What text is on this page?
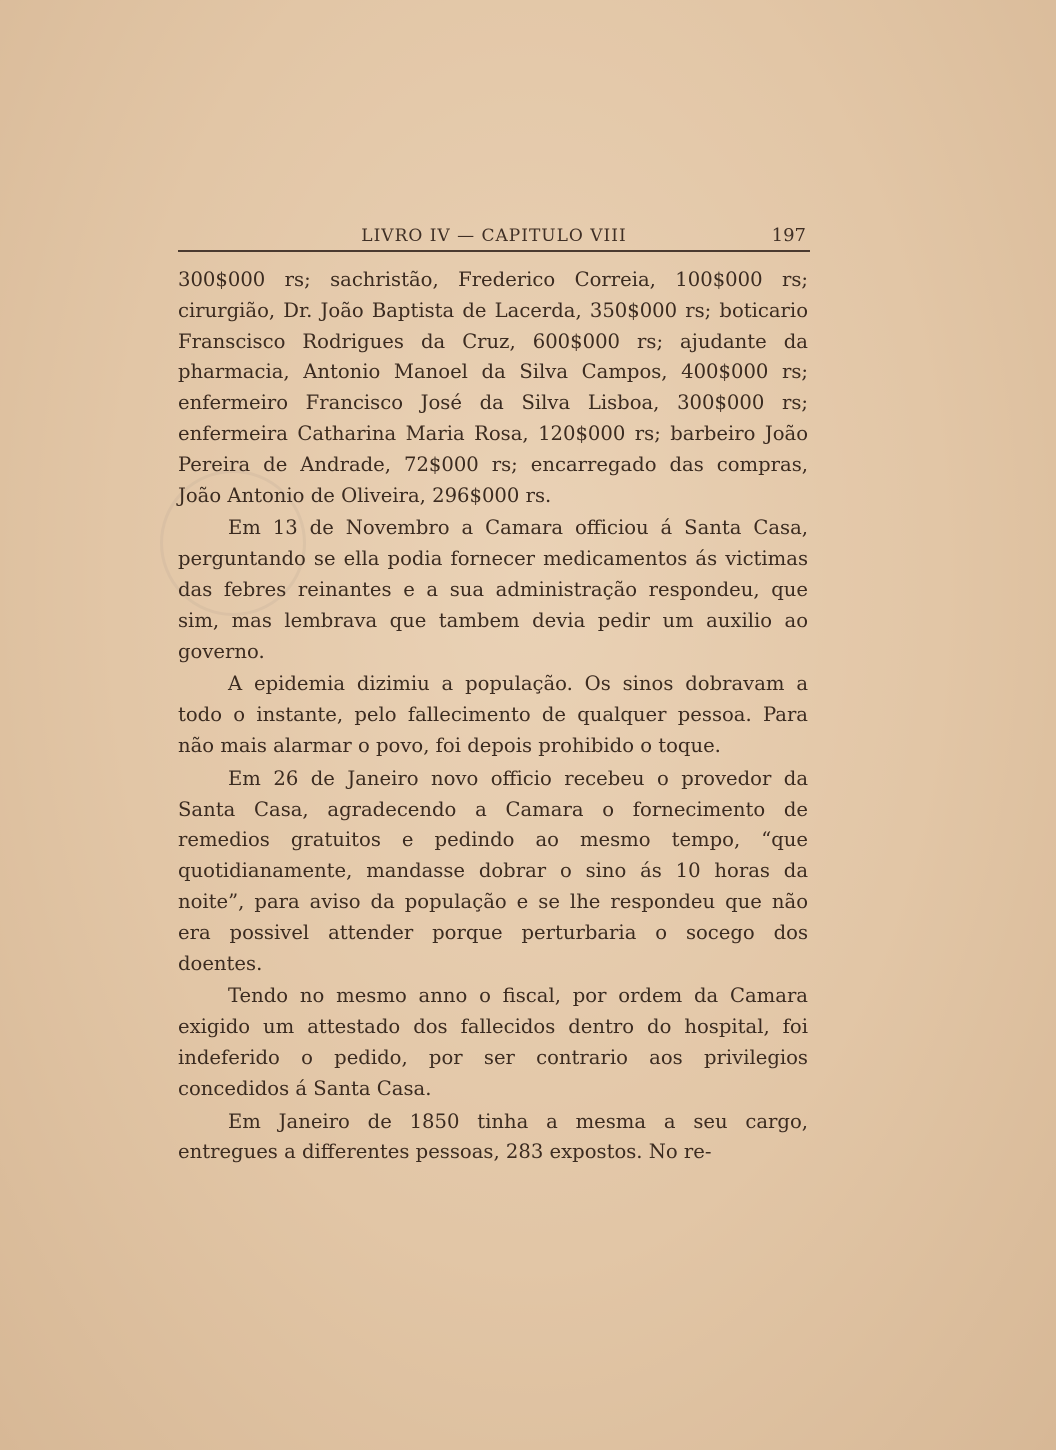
LIVRO IV — CAPITULO VIII	197

300$000 rs; sachristão, Frederico Correia, 100$000 rs; cirurgião, Dr. João Baptista de Lacerda, 350$000 rs; boticario Franscisco Rodrigues da Cruz, 600$000 rs; ajudante da pharmacia, Antonio Manoel da Silva Campos, 400$000 rs; enfermeiro Francisco José da Silva Lisboa, 300$000 rs; enfermeira Catharina Maria Rosa, 120$000 rs; barbeiro João Pereira de Andrade, 72$000 rs; encarregado das compras, João Antonio de Oliveira, 296$000 rs.

Em 13 de Novembro a Camara officiou á Santa Casa, perguntando se ella podia fornecer medicamentos ás victimas das febres reinantes e a sua administração respondeu, que sim, mas lembrava que tambem devia pedir um auxilio ao governo.

A epidemia dizimiu a população. Os sinos dobravam a todo o instante, pelo fallecimento de qualquer pessoa. Para não mais alarmar o povo, foi depois prohibido o toque.

Em 26 de Janeiro novo officio recebeu o provedor da Santa Casa, agradecendo a Camara o fornecimento de remedios gratuitos e pedindo ao mesmo tempo, “que quotidianamente, mandasse dobrar o sino ás 10 horas da noite”, para aviso da população e se lhe respondeu que não era possivel attender porque perturbaria o socego dos doentes.

Tendo no mesmo anno o fiscal, por ordem da Camara exigido um attestado dos fallecidos dentro do hospital, foi indeferido o pedido, por ser contrario aos privilegios concedidos á Santa Casa.

Em Janeiro de 1850 tinha a mesma a seu cargo, entregues a differentes pessoas, 283 expostos. No re-
